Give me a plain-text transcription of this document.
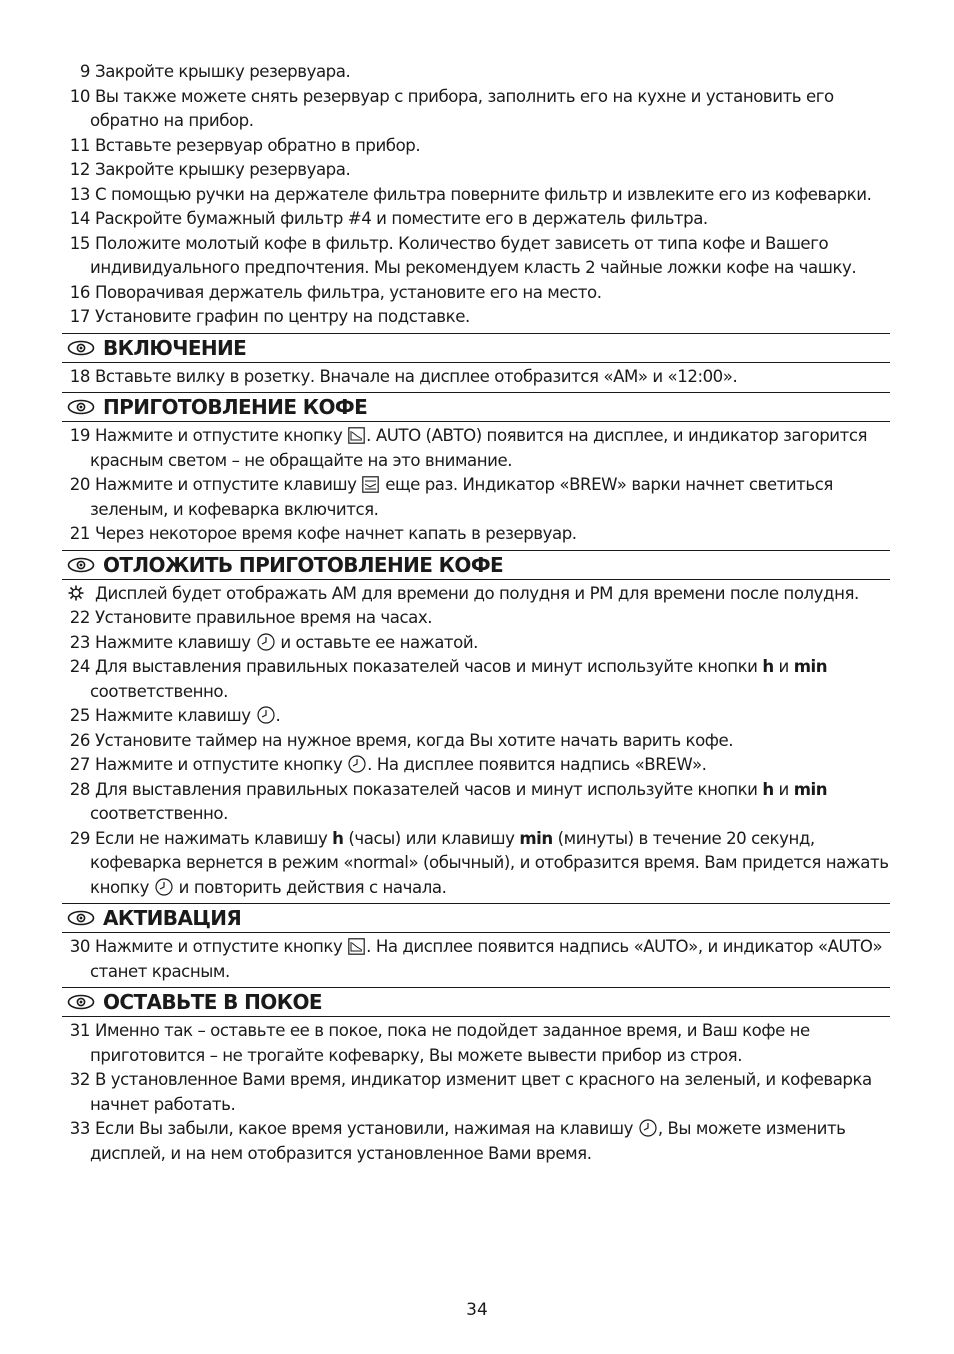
9 Закройте крышку резервуара.
10 Вы также можете снять резервуар с прибора, заполнить его на кухне и установить его обратно на прибор.
11 Вставьте резервуар обратно в прибор.
12 Закройте крышку резервуара.
13 С помощью ручки на держателе фильтра поверните фильтр и извлеките его из кофеварки.
14 Раскройте бумажный фильтр #4 и поместите его в держатель фильтра.
15 Положите молотый кофе в фильтр. Количество будет зависеть от типа кофе и Вашего индивидуального предпочтения. Мы рекомендуем класть 2 чайные ложки кофе на чашку.
16 Поворачивая держатель фильтра, установите его на место.
17 Установите графин по центру на подставке.
ВКЛЮЧЕНИЕ
18 Вставьте вилку в розетку. Вначале на дисплее отобразится «AM» и «12:00».
ПРИГОТОВЛЕНИЕ КОФЕ
19 Нажмите и отпустите кнопку . AUTO (АВТО) появится на дисплее, и индикатор загорится красным светом – не обращайте на это внимание.
20 Нажмите и отпустите клавишу  еще раз. Индикатор «BREW» варки начнет светиться зеленым, и кофеварка включится.
21 Через некоторое время кофе начнет капать в резервуар.
ОТЛОЖИТЬ ПРИГОТОВЛЕНИЕ КОФЕ
Дисплей будет отображать AM для времени до полудня и PM для времени после полудня.
22 Установите правильное время на часах.
23 Нажмите клавишу  и оставьте ее нажатой.
24 Для выставления правильных показателей часов и минут используйте кнопки h и min соответственно.
25 Нажмите клавишу .
26 Установите таймер на нужное время, когда Вы хотите начать варить кофе.
27 Нажмите и отпустите кнопку . На дисплее появится надпись «BREW».
28 Для выставления правильных показателей часов и минут используйте кнопки h и min соответственно.
29 Если не нажимать клавишу h (часы) или клавишу min (минуты) в течение 20 секунд, кофеварка вернется в режим «normal» (обычный), и отобразится время. Вам придется нажать кнопку  и повторить действия с начала.
АКТИВАЦИЯ
30 Нажмите и отпустите кнопку . На дисплее появится надпись «AUTO», и индикатор «AUTO» станет красным.
ОСТАВЬТЕ В ПОКОЕ
31 Именно так – оставьте ее в покое, пока не подойдет заданное время, и Ваш кофе не приготовится – не трогайте кофеварку, Вы можете вывести прибор из строя.
32 В установленное Вами время, индикатор изменит цвет с красного на зеленый, и кофеварка начнет работать.
33 Если Вы забыли, какое время установили, нажимая на клавишу , Вы можете изменить дисплей, и на нем отобразится установленное Вами время.
34
